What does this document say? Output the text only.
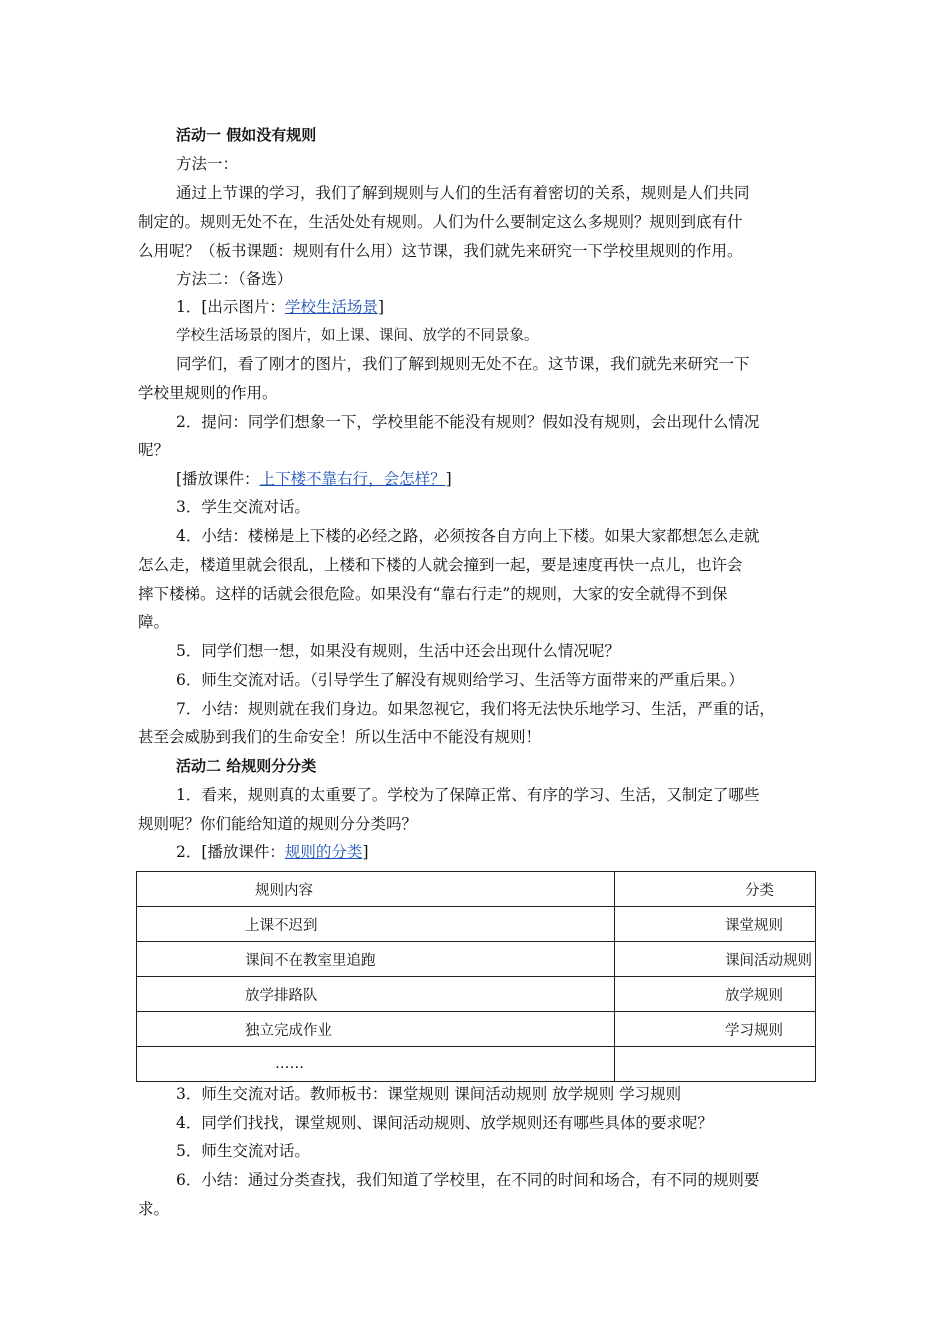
活动一 假如没有规则
方法一：
通过上节课的学习，我们了解到规则与人们的生活有着密切的关系，规则是人们共同
制定的。规则无处不在，生活处处有规则。人们为什么要制定这么多规则？规则到底有什
么用呢？（板书课题：规则有什么用）这节课，我们就先来研究一下学校里规则的作用。
方法二：（备选）
1．[出示图片：学校生活场景]
学校生活场景的图片，如上课、课间、放学的不同景象。
同学们，看了刚才的图片，我们了解到规则无处不在。这节课，我们就先来研究一下
学校里规则的作用。
2．提问：同学们想象一下，学校里能不能没有规则？假如没有规则，会出现什么情况
呢？
[播放课件：上下楼不靠右行，会怎样？]
3．学生交流对话。
4．小结：楼梯是上下楼的必经之路，必须按各自方向上下楼。如果大家都想怎么走就
怎么走，楼道里就会很乱，上楼和下楼的人就会撞到一起，要是速度再快一点儿，也许会
摔下楼梯。这样的话就会很危险。如果没有“靠右行走”的规则，大家的安全就得不到保
障。
5．同学们想一想，如果没有规则，生活中还会出现什么情况呢？
6．师生交流对话。（引导学生了解没有规则给学习、生活等方面带来的严重后果。）
7．小结：规则就在我们身边。如果忽视它，我们将无法快乐地学习、生活，严重的话，
甚至会威胁到我们的生命安全！所以生活中不能没有规则！
活动二 给规则分分类
1．看来，规则真的太重要了。学校为了保障正常、有序的学习、生活，又制定了哪些
规则呢？你们能给知道的规则分分类吗？
2．[播放课件：规则的分类]
规则内容	分类
上课不迟到	课堂规则
课间不在教室里追跑	课间活动规则
放学排路队	放学规则
独立完成作业	学习规则
……	
3．师生交流对话。教师板书：课堂规则 课间活动规则 放学规则 学习规则
4．同学们找找，课堂规则、课间活动规则、放学规则还有哪些具体的要求呢？
5．师生交流对话。
6．小结：通过分类查找，我们知道了学校里，在不同的时间和场合，有不同的规则要
求。
